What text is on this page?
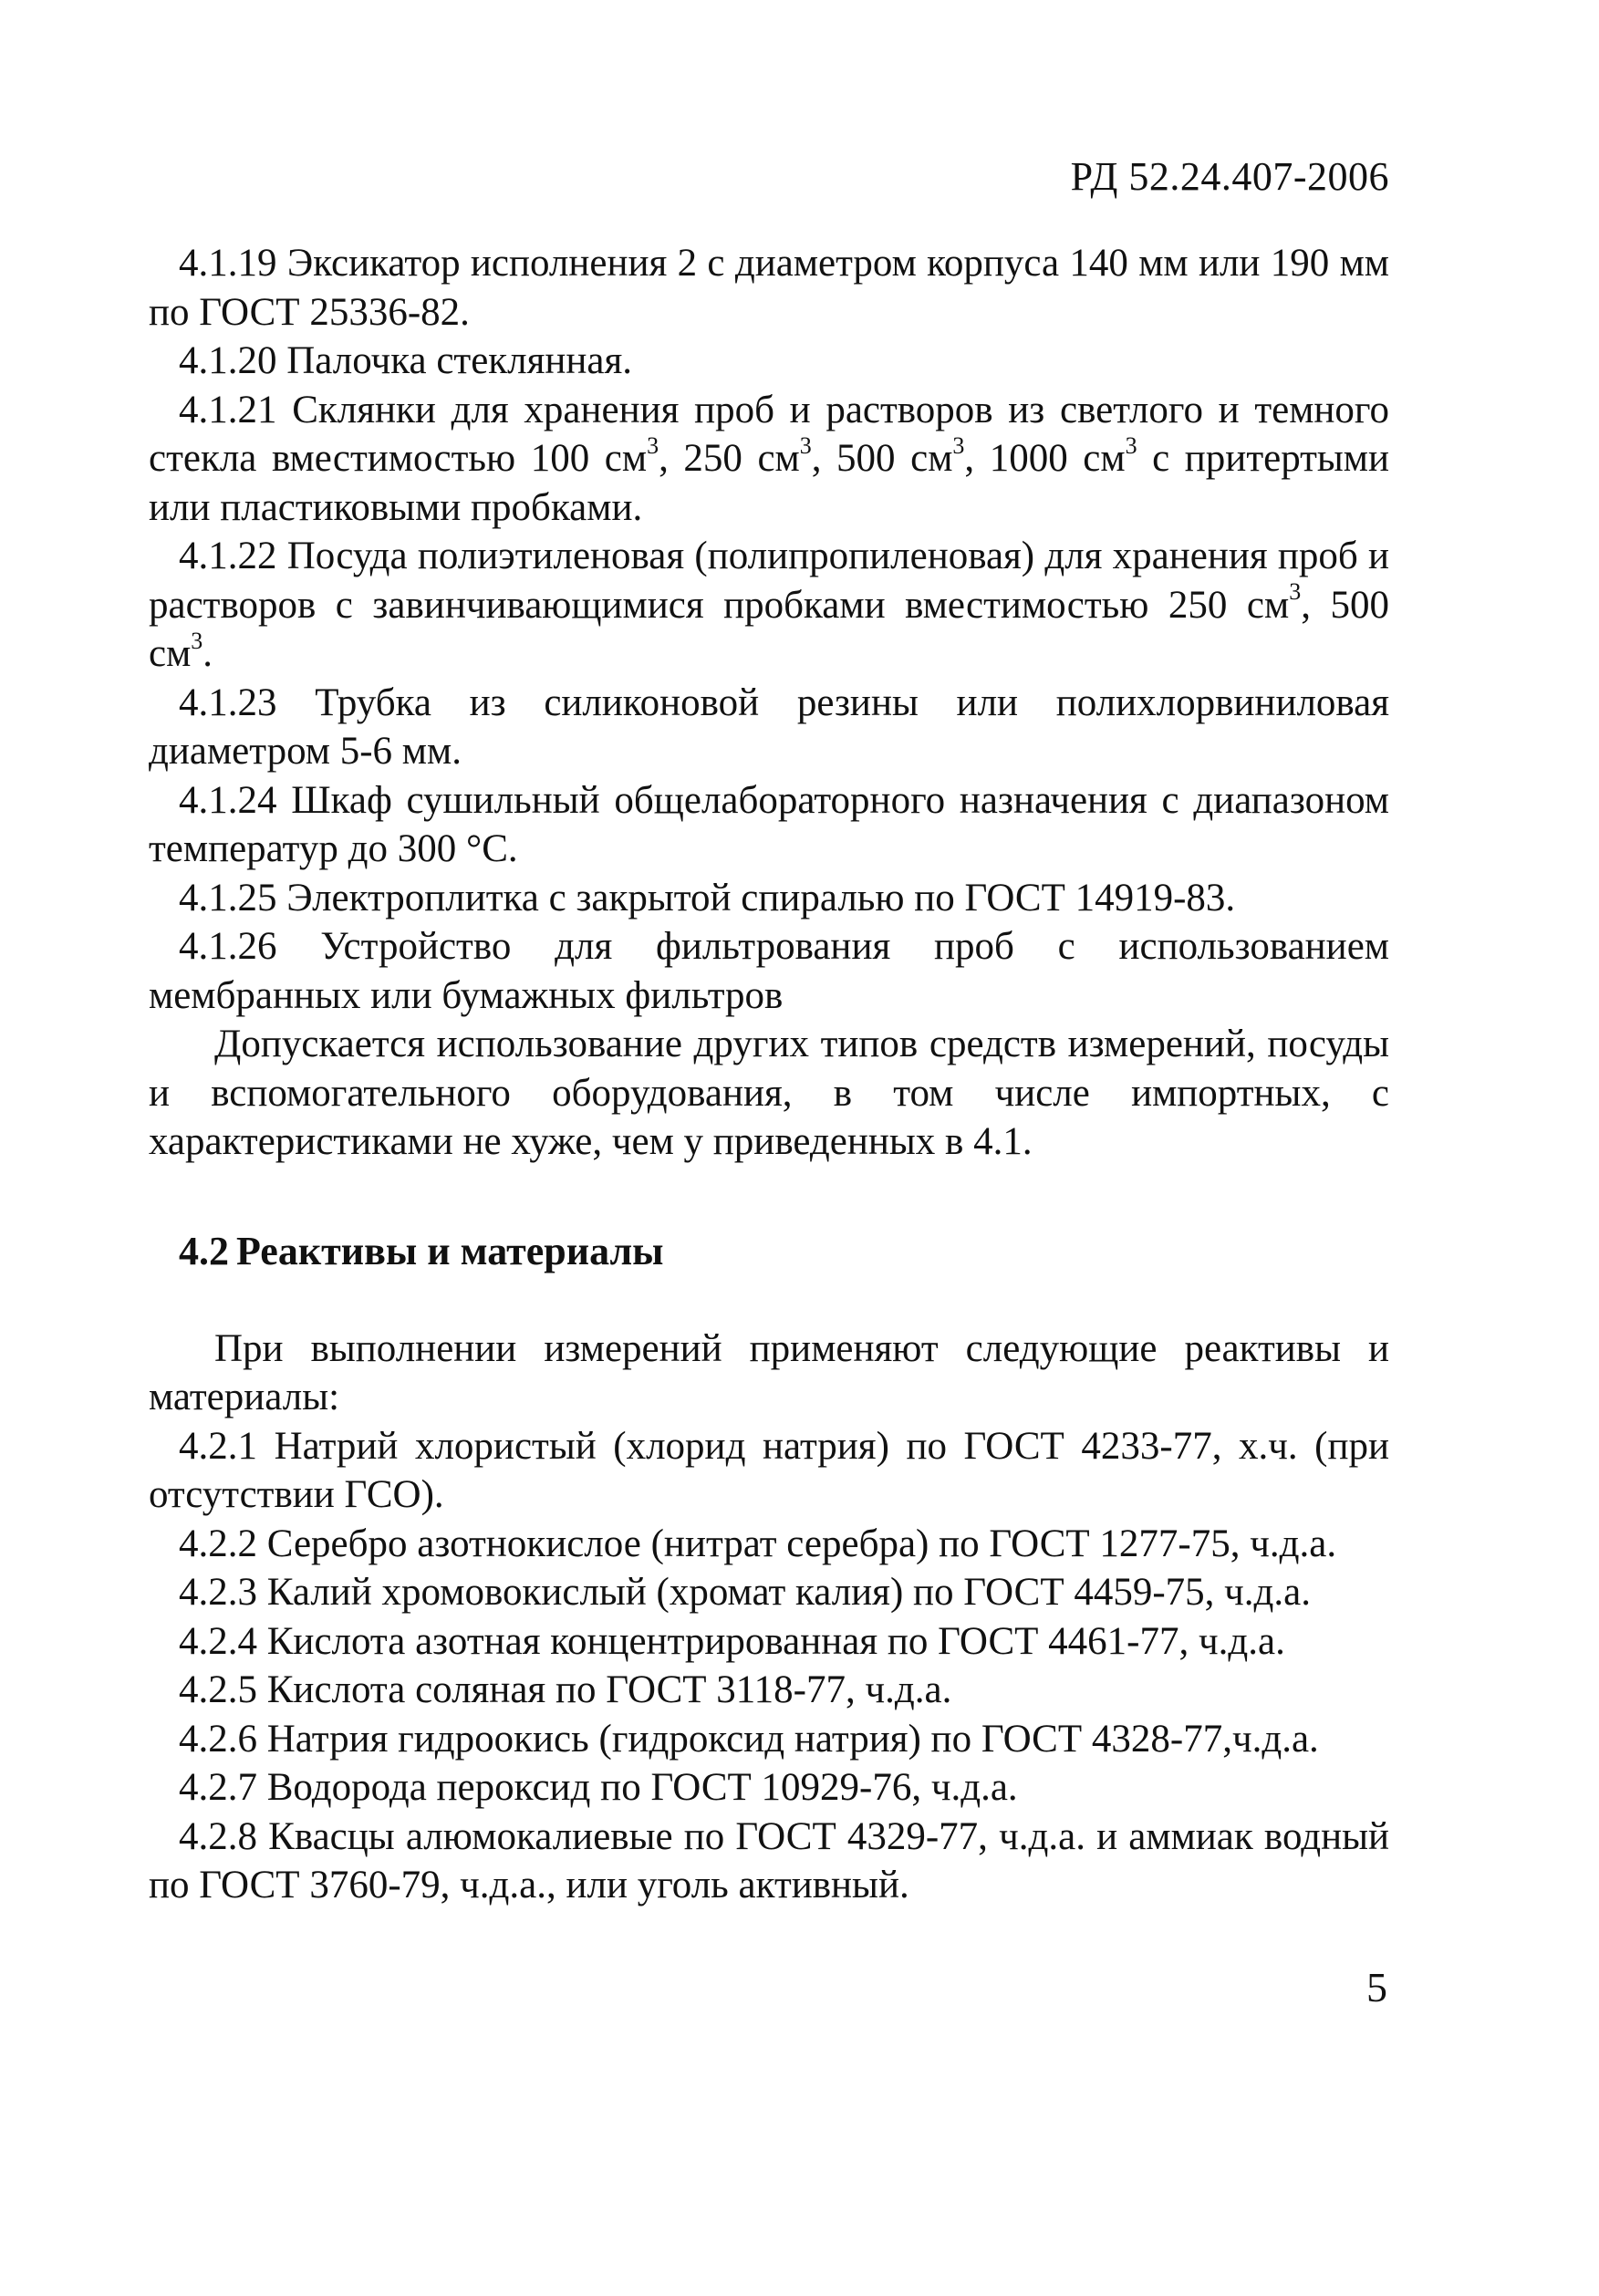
РД 52.24.407-2006

4.1.19 Эксикатор исполнения 2 с диаметром корпуса 140 мм или 190 мм по ГОСТ 25336-82.

4.1.20 Палочка стеклянная.

4.1.21 Склянки для хранения проб и растворов из светлого и темного стекла вместимостью 100 $см^3$, 250 $см^3$, 500 $см^3$, 1000 $см^3$ с притертыми или пластиковыми пробками.

4.1.22 Посуда полиэтиленовая (полипропиленовая) для хранения проб и растворов с завинчивающимися пробками вместимостью 250 $см^3$, 500 $см^3$.

4.1.23 Трубка из силиконовой резины или полихлорвиниловая диаметром 5-6 мм.

4.1.24 Шкаф сушильный общелабораторного назначения с диапазоном температур до 300 °С.

4.1.25 Электроплитка с закрытой спиралью по ГОСТ 14919-83.

4.1.26 Устройство для фильтрования проб с использованием мембранных или бумажных фильтров

Допускается использование других типов средств измерений, посуды и вспомогательного оборудования, в том числе импортных, с характеристиками не хуже, чем у приведенных в 4.1.

4.2 Реактивы и материалы

При выполнении измерений применяют следующие реактивы и материалы:

4.2.1 Натрий хлористый (хлорид натрия) по ГОСТ 4233-77, х.ч. (при отсутствии ГСО).

4.2.2 Серебро азотнокислое (нитрат серебра) по ГОСТ 1277-75, ч.д.а.

4.2.3 Калий хромовокислый (хромат калия) по ГОСТ 4459-75, ч.д.а.

4.2.4 Кислота азотная концентрированная по ГОСТ 4461-77, ч.д.а.

4.2.5 Кислота соляная по ГОСТ 3118-77, ч.д.а.

4.2.6 Натрия гидроокись (гидроксид натрия) по ГОСТ 4328-77,ч.д.а.

4.2.7 Водорода пероксид по ГОСТ 10929-76, ч.д.а.

4.2.8 Квасцы алюмокалиевые по ГОСТ 4329-77, ч.д.а. и аммиак водный по ГОСТ 3760-79, ч.д.а., или уголь активный.

5
